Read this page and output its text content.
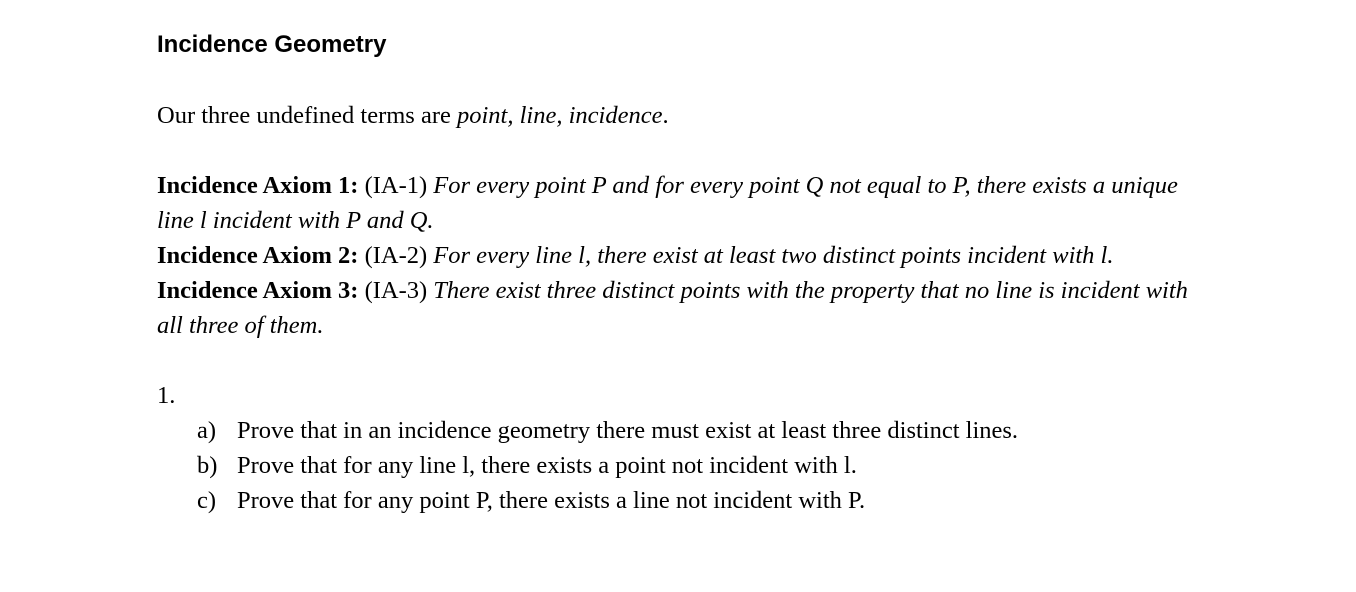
Incidence Geometry

Our three undefined terms are point, line, incidence.

Incidence Axiom 1: (IA-1) For every point P and for every point Q not equal to P, there exists a unique line l incident with P and Q.

Incidence Axiom 2: (IA-2) For every line l, there exist at least two distinct points incident with l.

Incidence Axiom 3: (IA-3) There exist three distinct points with the property that no line is incident with all three of them.

1.
a) Prove that in an incidence geometry there must exist at least three distinct lines.
b) Prove that for any line l, there exists a point not incident with l.
c) Prove that for any point P, there exists a line not incident with P.
